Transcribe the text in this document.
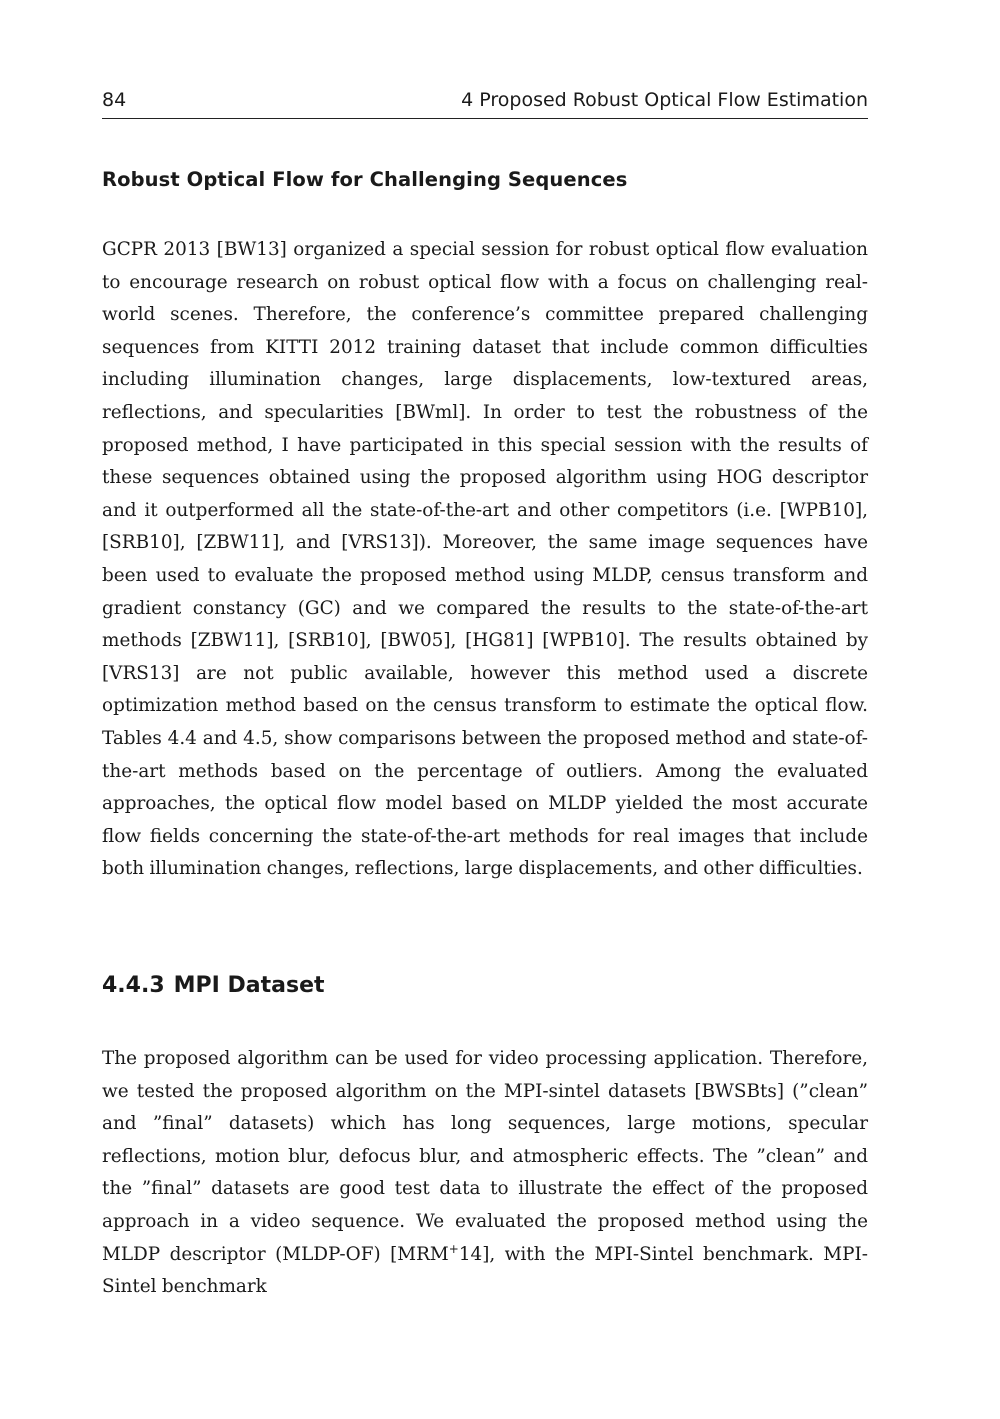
84	4 Proposed Robust Optical Flow Estimation
Robust Optical Flow for Challenging Sequences

GCPR 2013 [BW13] organized a special session for robust optical flow evaluation to encourage research on robust optical flow with a focus on challenging real-world scenes. Therefore, the conference’s committee prepared challenging sequences from KITTI 2012 training dataset that include common difficulties including illumination changes, large displacements, low-textured areas, reflections, and specularities [BWml]. In order to test the robustness of the proposed method, I have participated in this special session with the results of these sequences obtained using the proposed algorithm using HOG descriptor and it outperformed all the state-of-the-art and other competitors (i.e. [WPB10], [SRB10], [ZBW11], and [VRS13]). Moreover, the same image sequences have been used to evaluate the proposed method using MLDP, census transform and gradient constancy (GC) and we compared the results to the state-of-the-art methods [ZBW11], [SRB10], [BW05], [HG81] [WPB10]. The results obtained by [VRS13] are not public available, however this method used a discrete optimization method based on the census transform to estimate the optical flow. Tables 4.4 and 4.5, show comparisons between the proposed method and state-of-the-art methods based on the percentage of outliers. Among the evaluated approaches, the optical flow model based on MLDP yielded the most accurate flow fields concerning the state-of-the-art methods for real images that include both illumination changes, reflections, large displacements, and other difficulties.

4.4.3 MPI Dataset

The proposed algorithm can be used for video processing application. Therefore, we tested the proposed algorithm on the MPI-sintel datasets [BWSBts] (”clean” and ”final” datasets) which has long sequences, large motions, specular reflections, motion blur, defocus blur, and atmospheric effects. The ”clean” and the ”final” datasets are good test data to illustrate the effect of the proposed approach in a video sequence. We evaluated the proposed method using the MLDP descriptor (MLDP-OF) [MRM+14], with the MPI-Sintel benchmark. MPI-Sintel benchmark
